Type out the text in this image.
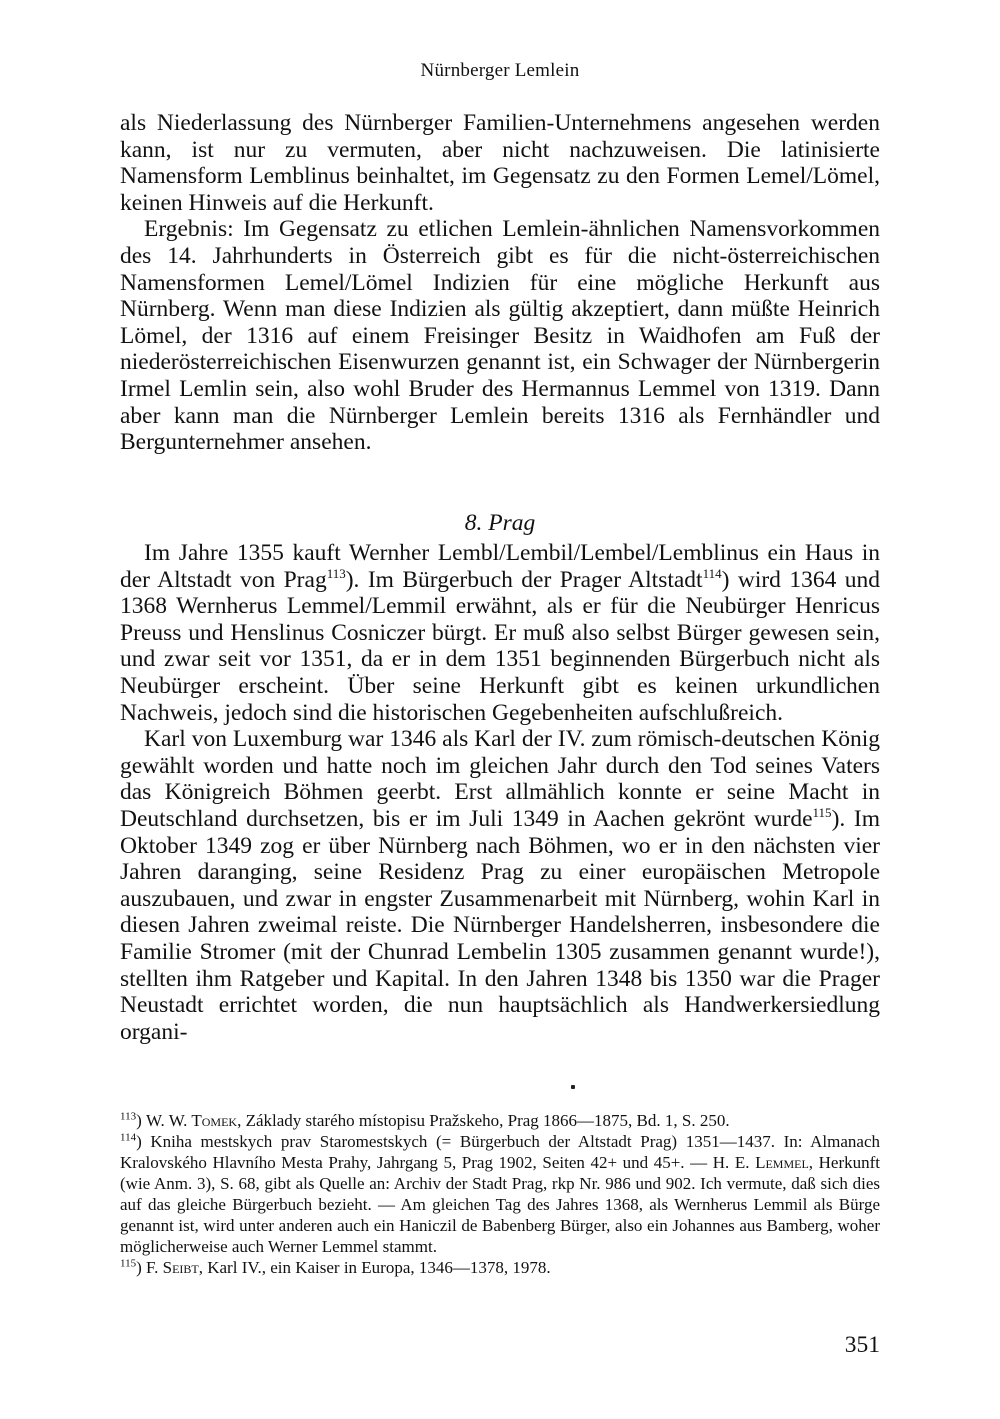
Nürnberger Lemlein

als Niederlassung des Nürnberger Familien-Unternehmens angesehen werden kann, ist nur zu vermuten, aber nicht nachzuweisen. Die latinisierte Namensform Lemblinus beinhaltet, im Gegensatz zu den Formen Lemel/Lömel, keinen Hinweis auf die Herkunft.

Ergebnis: Im Gegensatz zu etlichen Lemlein-ähnlichen Namensvorkommen des 14. Jahrhunderts in Österreich gibt es für die nicht-österreichischen Namensformen Lemel/Lömel Indizien für eine mögliche Herkunft aus Nürnberg. Wenn man diese Indizien als gültig akzeptiert, dann müßte Heinrich Lömel, der 1316 auf einem Freisinger Besitz in Waidhofen am Fuß der niederösterreichischen Eisenwurzen genannt ist, ein Schwager der Nürnbergerin Irmel Lemlin sein, also wohl Bruder des Hermannus Lemmel von 1319. Dann aber kann man die Nürnberger Lemlein bereits 1316 als Fernhändler und Bergunternehmer ansehen.

8. Prag

Im Jahre 1355 kauft Wernher Lembl/Lembil/Lembel/Lemblinus ein Haus in der Altstadt von Prag$^{113}$). Im Bürgerbuch der Prager Altstadt$^{114}$) wird 1364 und 1368 Wernherus Lemmel/Lemmil erwähnt, als er für die Neubürger Henricus Preuss und Henslinus Cosniczer bürgt. Er muß also selbst Bürger gewesen sein, und zwar seit vor 1351, da er in dem 1351 beginnenden Bürgerbuch nicht als Neubürger erscheint. Über seine Herkunft gibt es keinen urkundlichen Nachweis, jedoch sind die historischen Gegebenheiten aufschlußreich.

Karl von Luxemburg war 1346 als Karl der IV. zum römisch-deutschen König gewählt worden und hatte noch im gleichen Jahr durch den Tod seines Vaters das Königreich Böhmen geerbt. Erst allmählich konnte er seine Macht in Deutschland durchsetzen, bis er im Juli 1349 in Aachen gekrönt wurde$^{115}$). Im Oktober 1349 zog er über Nürnberg nach Böhmen, wo er in den nächsten vier Jahren daranging, seine Residenz Prag zu einer europäischen Metropole auszubauen, und zwar in engster Zusammenarbeit mit Nürnberg, wohin Karl in diesen Jahren zweimal reiste. Die Nürnberger Handelsherren, insbesondere die Familie Stromer (mit der Chunrad Lembelin 1305 zusammen genannt wurde!), stellten ihm Ratgeber und Kapital. In den Jahren 1348 bis 1350 war die Prager Neustadt errichtet worden, die nun hauptsächlich als Handwerkersiedlung organi-

$^{113}$) W. W. Tomek, Základy starého místopisu Pražskeho, Prag 1866—1875, Bd. 1, S. 250.

$^{114}$) Kniha mestskych prav Staromestskych (= Bürgerbuch der Altstadt Prag) 1351—1437. In: Almanach Kralovského Hlavního Mesta Prahy, Jahrgang 5, Prag 1902, Seiten 42+ und 45+. — H. E. Lemmel, Herkunft (wie Anm. 3), S. 68, gibt als Quelle an: Archiv der Stadt Prag, rkp Nr. 986 und 902. Ich vermute, daß sich dies auf das gleiche Bürgerbuch bezieht. — Am gleichen Tag des Jahres 1368, als Wernherus Lemmil als Bürge genannt ist, wird unter anderen auch ein Haniczil de Babenberg Bürger, also ein Johannes aus Bamberg, woher möglicherweise auch Werner Lemmel stammt.

$^{115}$) F. Seibt, Karl IV., ein Kaiser in Europa, 1346—1378, 1978.

351
